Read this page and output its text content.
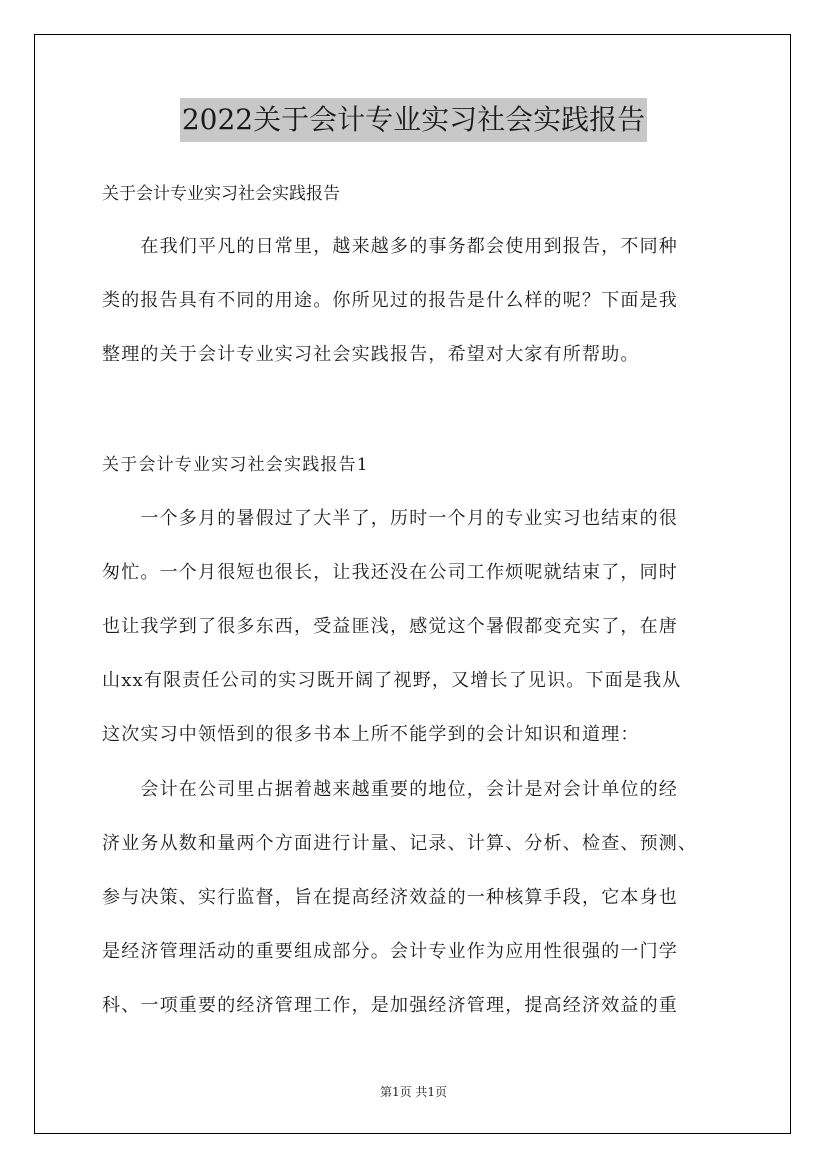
2022关于会计专业实习社会实践报告
关于会计专业实习社会实践报告
　　在我们平凡的日常里，越来越多的事务都会使用到报告，不同种
类的报告具有不同的用途。你所见过的报告是什么样的呢？下面是我
整理的关于会计专业实习社会实践报告，希望对大家有所帮助。
关于会计专业实习社会实践报告1
　　一个多月的暑假过了大半了，历时一个月的专业实习也结束的很
匆忙。一个月很短也很长，让我还没在公司工作烦呢就结束了，同时
也让我学到了很多东西，受益匪浅，感觉这个暑假都变充实了，在唐
山xx有限责任公司的实习既开阔了视野，又增长了见识。下面是我从
这次实习中领悟到的很多书本上所不能学到的会计知识和道理：
　　会计在公司里占据着越来越重要的地位，会计是对会计单位的经
济业务从数和量两个方面进行计量、记录、计算、分析、检查、预测、
参与决策、实行监督，旨在提高经济效益的一种核算手段，它本身也
是经济管理活动的重要组成部分。会计专业作为应用性很强的一门学
科、一项重要的经济管理工作，是加强经济管理，提高经济效益的重
第1页 共1页
